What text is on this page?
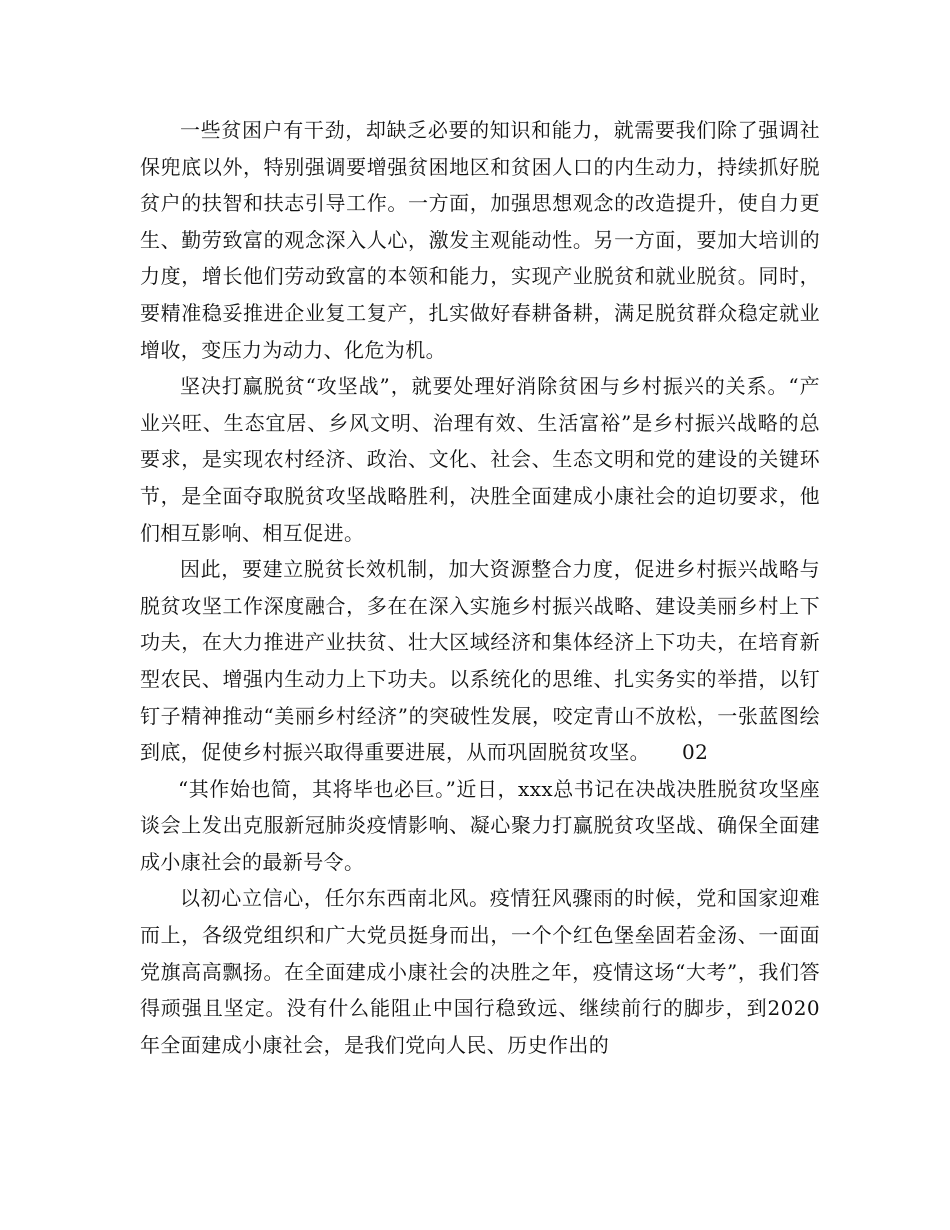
一些贫困户有干劲，却缺乏必要的知识和能力，就需要我们除了强调社保兜底以外，特别强调要增强贫困地区和贫困人口的内生动力，持续抓好脱贫户的扶智和扶志引导工作。一方面，加强思想观念的改造提升，使自力更生、勤劳致富的观念深入人心，激发主观能动性。另一方面，要加大培训的力度，增长他们劳动致富的本领和能力，实现产业脱贫和就业脱贫。同时，要精准稳妥推进企业复工复产，扎实做好春耕备耕，满足脱贫群众稳定就业增收，变压力为动力、化危为机。

坚决打赢脱贫“攻坚战”，就要处理好消除贫困与乡村振兴的关系。“产业兴旺、生态宜居、乡风文明、治理有效、生活富裕”是乡村振兴战略的总要求，是实现农村经济、政治、文化、社会、生态文明和党的建设的关键环节，是全面夺取脱贫攻坚战略胜利，决胜全面建成小康社会的迫切要求，他们相互影响、相互促进。

因此，要建立脱贫长效机制，加大资源整合力度，促进乡村振兴战略与脱贫攻坚工作深度融合，多在在深入实施乡村振兴战略、建设美丽乡村上下功夫，在大力推进产业扶贫、壮大区域经济和集体经济上下功夫，在培育新型农民、增强内生动力上下功夫。以系统化的思维、扎实务实的举措，以钉钉子精神推动“美丽乡村经济”的突破性发展，咬定青山不放松，一张蓝图绘到底，促使乡村振兴取得重要进展，从而巩固脱贫攻坚。 02

“其作始也简，其将毕也必巨。”近日，xxx总书记在决战决胜脱贫攻坚座谈会上发出克服新冠肺炎疫情影响、凝心聚力打赢脱贫攻坚战、确保全面建成小康社会的最新号令。

以初心立信心，任尔东西南北风。疫情狂风骤雨的时候，党和国家迎难而上，各级党组织和广大党员挺身而出，一个个红色堡垒固若金汤、一面面党旗高高飘扬。在全面建成小康社会的决胜之年，疫情这场“大考”，我们答得顽强且坚定。没有什么能阻止中国行稳致远、继续前行的脚步，到2020年全面建成小康社会，是我们党向人民、历史作出的
